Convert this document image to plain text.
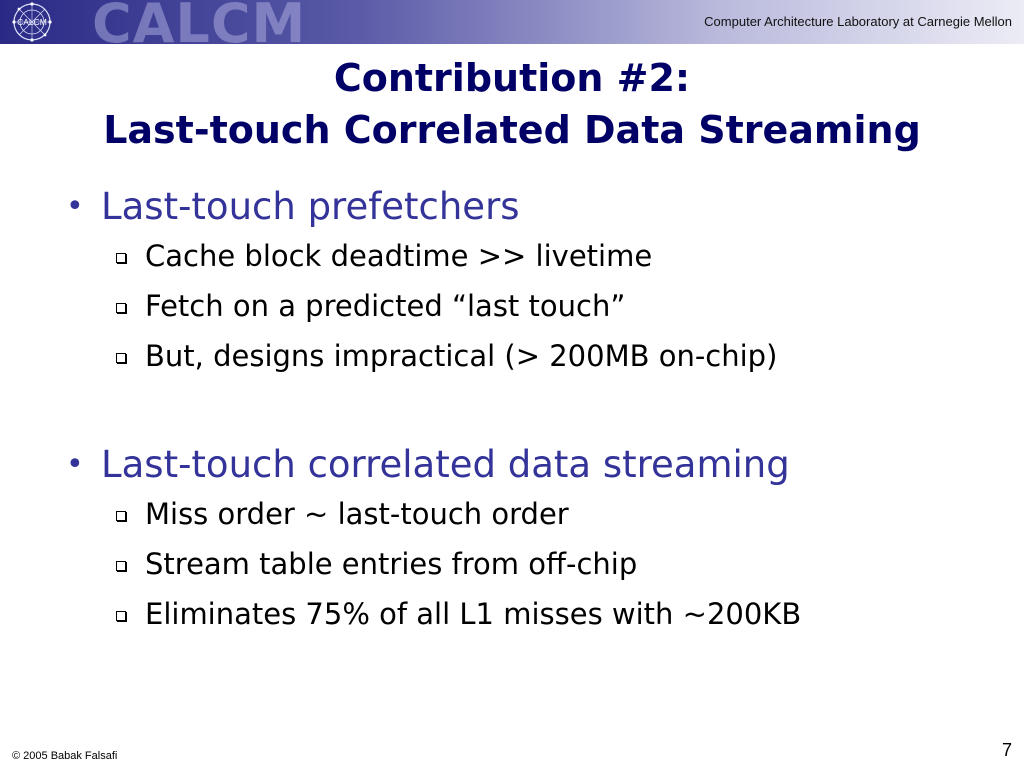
CALCM CALCM	Computer Architecture Laboratory at Carnegie Mellon
Contribution #2:
Last-touch Correlated Data Streaming
• Last-touch prefetchers
Cache block deadtime >> livetime
Fetch on a predicted “last touch”
But, designs impractical (> 200MB on-chip)
• Last-touch correlated data streaming
Miss order ~ last-touch order
Stream table entries from off-chip
Eliminates 75% of all L1 misses with ~200KB
© 2005 Babak Falsafi	7
